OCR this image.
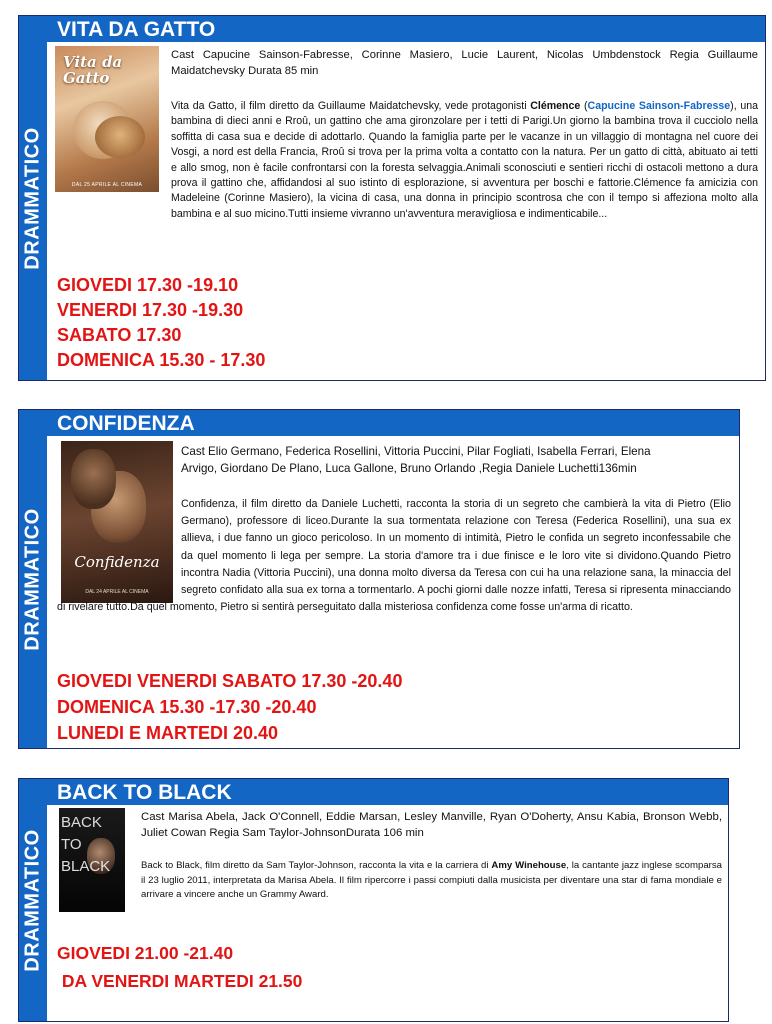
DRAMMATICO
VITA DA GATTO
Vita da Gatto
DAL 25 APRILE AL CINEMA
Cast Capucine Sainson-Fabresse, Corinne Masiero, Lucie Laurent, Nicolas Umbdenstock Regia Guillaume Maidatchevsky Durata 85 min
Vita da Gatto, il film diretto da Guillaume Maidatchevsky, vede protagonisti Clémence (Capucine Sainson-Fabresse), una bambina di dieci anni e Rroû, un gattino che ama gironzolare per i tetti di Parigi.Un giorno la bambina trova il cucciolo nella soffitta di casa sua e decide di adottarlo. Quando la famiglia parte per le vacanze in un villaggio di montagna nel cuore dei Vosgi, a nord est della Francia, Rroû si trova per la prima volta a contatto con la natura. Per un gatto di città, abituato ai tetti e allo smog, non è facile confrontarsi con la foresta selvaggia.Animali sconosciuti e sentieri ricchi di ostacoli mettono a dura prova il gattino che, affidandosi al suo istinto di esplorazione, si avventura per boschi e fattorie.Clémence fa amicizia con Madeleine (Corinne Masiero), la vicina di casa, una donna in principio scontrosa che con il tempo si affeziona molto alla bambina e al suo micino.Tutti insieme vivranno un'avventura meravigliosa e indimenticabile...
GIOVEDI 17.30 -19.10
VENERDI 17.30 -19.30
SABATO 17.30
DOMENICA 15.30 - 17.30
DRAMMATICO
CONFIDENZA
Confidenza
DAL 24 APRILE AL CINEMA
Cast Elio Germano, Federica Rosellini, Vittoria Puccini, Pilar Fogliati, Isabella Ferrari, Elena Arvigo, Giordano De Plano, Luca Gallone, Bruno Orlando ,Regia Daniele Luchetti136min
Confidenza, il film diretto da Daniele Luchetti, racconta la storia di un segreto che cambierà la vita di Pietro (Elio Germano), professore di liceo.Durante la sua tormentata relazione con Teresa (Federica Rosellini), una sua ex allieva, i due fanno un gioco pericoloso. In un momento di intimità, Pietro le confida un segreto inconfessabile che da quel momento li lega per sempre. La storia d'amore tra i due finisce e le loro vite si dividono.Quando Pietro incontra Nadia (Vittoria Puccini), una donna molto diversa da Teresa con cui ha una relazione sana, la minaccia del segreto confidato alla sua ex torna a tormentarlo. A pochi giorni dalle nozze infatti, Teresa si ripresenta minacciando di rivelare tutto.Da quel momento, Pietro si sentirà perseguitato dalla misteriosa confidenza come fosse un'arma di ricatto.
GIOVEDI VENERDI SABATO 17.30 -20.40
DOMENICA 15.30 -17.30 -20.40
LUNEDI E MARTEDI 20.40
DRAMMATICO
BACK TO BLACK
BACK
TO
BLACK
Cast Marisa Abela, Jack O'Connell, Eddie Marsan, Lesley Manville, Ryan O'Doherty, Ansu Kabia, Bronson Webb, Juliet Cowan Regia Sam Taylor-JohnsonDurata 106 min
Back to Black, film diretto da Sam Taylor-Johnson, racconta la vita e la carriera di Amy Winehouse, la cantante jazz inglese scomparsa il 23 luglio 2011, interpretata da Marisa Abela. Il film ripercorre i passi compiuti dalla musicista per diventare una star di fama mondiale e arrivare a vincere anche un Grammy Award.
GIOVEDI 21.00 -21.40
DA VENERDI MARTEDI 21.50
